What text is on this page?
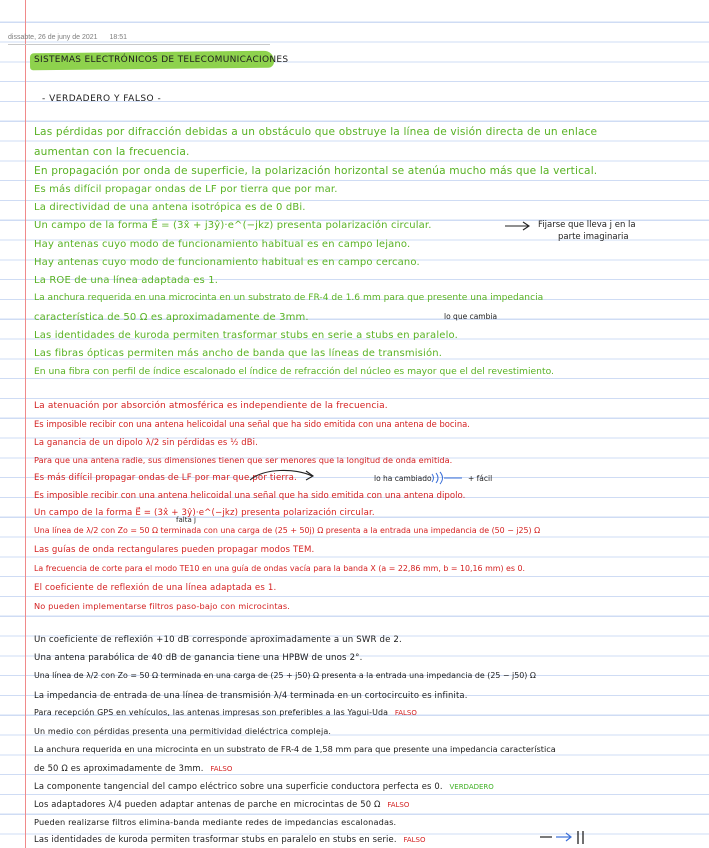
dissabte, 26 de juny de 2021 18:51
SISTEMAS ELECTRÓNICOS DE TELECOMUNICACIONES
- VERDADERO Y FALSO -
Las pérdidas por difracción debidas a un obstáculo que obstruye la línea de visión directa de un enlace
aumentan con la frecuencia.
En propagación por onda de superficie, la polarización horizontal se atenúa mucho más que la vertical.
Es más difícil propagar ondas de LF por tierra que por mar.
La directividad de una antena isotrópica es de 0 dBi.
Un campo de la forma E⃗ = (3x̂ + j3ŷ)·e^(−jkz) presenta polarización circular.
Hay antenas cuyo modo de funcionamiento habitual es en campo lejano.
Hay antenas cuyo modo de funcionamiento habitual es en campo cercano.
La ROE de una línea adaptada es 1.
La anchura requerida en una microcinta en un substrato de FR-4 de 1.6 mm para que presente una impedancia
característica de 50 Ω es aproximadamente de 3mm.
Las identidades de kuroda permiten trasformar stubs en serie a stubs en paralelo.
Las fibras ópticas permiten más ancho de banda que las líneas de transmisión.
En una fibra con perfil de índice escalonado el índice de refracción del núcleo es mayor que el del revestimiento.
Fijarse que lleva j en la
parte imaginaria
lo que cambia
La atenuación por absorción atmosférica es independiente de la frecuencia.
Es imposible recibir con una antena helicoidal una señal que ha sido emitida con una antena de bocina.
La ganancia de un dipolo λ/2 sin pérdidas es ½ dBi.
Para que una antena radie, sus dimensiones tienen que ser menores que la longitud de onda emitida.
Es más difícil propagar ondas de LF por mar que por tierra.
Es imposible recibir con una antena helicoidal una señal que ha sido emitida con una antena dipolo.
Un campo de la forma E⃗ = (3x̂ + 3ŷ)·e^(−jkz) presenta polarización circular.
Una línea de λ/2 con Zo = 50 Ω terminada con una carga de (25 + 50j) Ω presenta a la entrada una impedancia de (50 − j25) Ω
Las guías de onda rectangulares pueden propagar modos TEM.
La frecuencia de corte para el modo TE10 en una guía de ondas vacía para la banda X (a = 22,86 mm, b = 10,16 mm) es 0.
El coeficiente de reflexión de una línea adaptada es 1.
No pueden implementarse filtros paso-bajo con microcintas.
lo ha cambiado	+ fácil
falta j
Un coeficiente de reflexión +10 dB corresponde aproximadamente a un SWR de 2.
Una antena parabólica de 40 dB de ganancia tiene una HPBW de unos 2°.
Una línea de λ/2 con Zo = 50 Ω terminada en una carga de (25 + j50) Ω presenta a la entrada una impedancia de (25 − j50) Ω
La impedancia de entrada de una línea de transmisión λ/4 terminada en un cortocircuito es infinita.
Para recepción GPS en vehículos, las antenas impresas son preferibles a las Yagui-Uda FALSO
Un medio con pérdidas presenta una permitividad dieléctrica compleja.
La anchura requerida en una microcinta en un substrato de FR-4 de 1,58 mm para que presente una impedancia característica
de 50 Ω es aproximadamente de 3mm. FALSO
La componente tangencial del campo eléctrico sobre una superficie conductora perfecta es 0. VERDADERO
Los adaptadores λ/4 pueden adaptar antenas de parche en microcintas de 50 Ω FALSO
Pueden realizarse filtros elimina-banda mediante redes de impedancias escalonadas.
Las identidades de kuroda permiten trasformar stubs en paralelo en stubs en serie. FALSO
